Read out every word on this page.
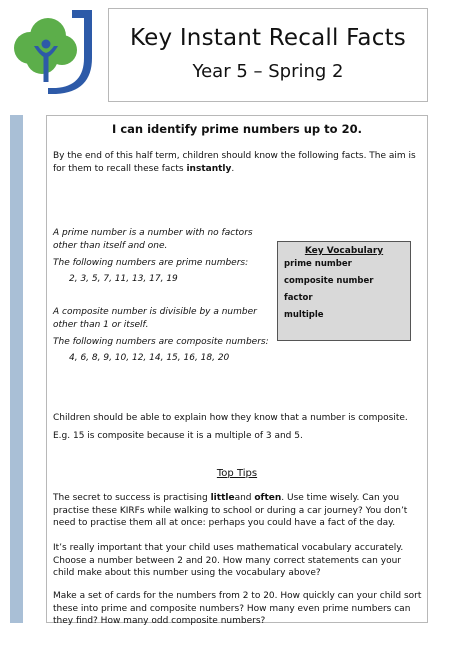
Key Instant Recall Facts
Year 5 – Spring 2
I can identify prime numbers up to 20.
By the end of this half term, children should know the following facts. The aim is for them to recall these facts instantly.
A prime number is a number with no factors
other than itself and one.
The following numbers are prime numbers:
2, 3, 5, 7, 11, 13, 17, 19
A composite number is divisible by a number
other than 1 or itself.
The following numbers are composite numbers:
4, 6, 8, 9, 10, 12, 14, 15, 16, 18, 20
Key Vocabulary
prime number
composite number
factor
multiple
Children should be able to explain how they know that a number is composite.
E.g. 15 is composite because it is a multiple of 3 and 5.
Top Tips
The secret to success is practising littleand often. Use time wisely. Can you practise these KIRFs while walking to school or during a car journey? You don’t need to practise them all at once: perhaps you could have a fact of the day.
It’s really important that your child uses mathematical vocabulary accurately. Choose a number between 2 and 20. How many correct statements can your child make about this number using the vocabulary above?
Make a set of cards for the numbers from 2 to 20. How quickly can your child sort these into prime and composite numbers? How many even prime numbers can they find? How many odd composite numbers?
